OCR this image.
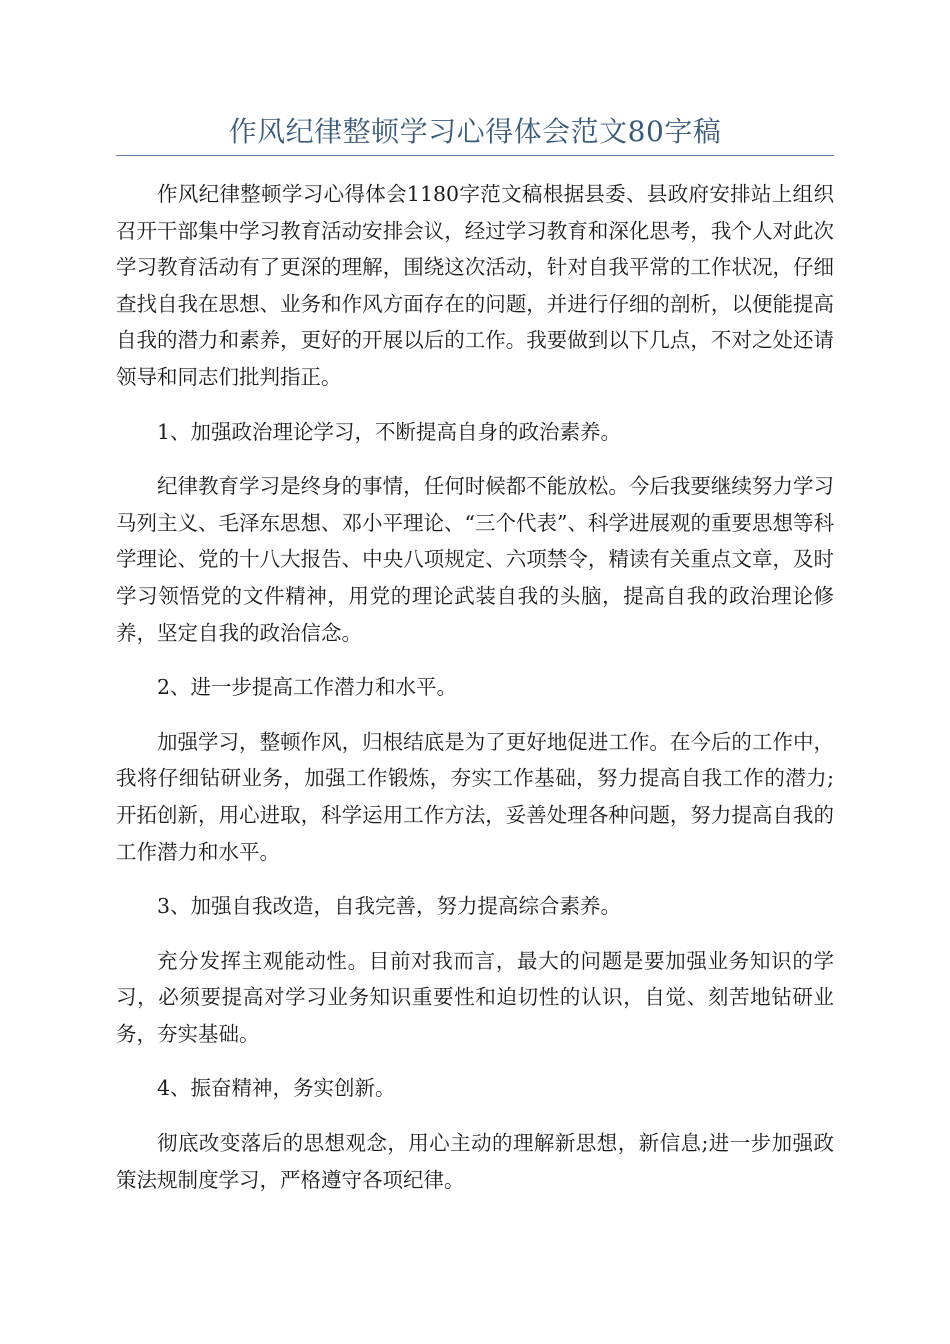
作风纪律整顿学习心得体会范文80字稿

作风纪律整顿学习心得体会1180字范文稿根据县委、县政府安排站上组织召开干部集中学习教育活动安排会议，经过学习教育和深化思考，我个人对此次学习教育活动有了更深的理解，围绕这次活动，针对自我平常的工作状况，仔细查找自我在思想、业务和作风方面存在的问题，并进行仔细的剖析，以便能提高自我的潜力和素养，更好的开展以后的工作。我要做到以下几点，不对之处还请领导和同志们批判指正。

1、加强政治理论学习，不断提高自身的政治素养。

纪律教育学习是终身的事情，任何时候都不能放松。今后我要继续努力学习马列主义、毛泽东思想、邓小平理论、“三个代表”、科学进展观的重要思想等科学理论、党的十八大报告、中央八项规定、六项禁令，精读有关重点文章，及时学习领悟党的文件精神，用党的理论武装自我的头脑，提高自我的政治理论修养，坚定自我的政治信念。

2、进一步提高工作潜力和水平。

加强学习，整顿作风，归根结底是为了更好地促进工作。在今后的工作中，我将仔细钻研业务，加强工作锻炼，夯实工作基础，努力提高自我工作的潜力;开拓创新，用心进取，科学运用工作方法，妥善处理各种问题，努力提高自我的工作潜力和水平。

3、加强自我改造，自我完善，努力提高综合素养。

充分发挥主观能动性。目前对我而言，最大的问题是要加强业务知识的学习，必须要提高对学习业务知识重要性和迫切性的认识，自觉、刻苦地钻研业务，夯实基础。

4、振奋精神，务实创新。

彻底改变落后的思想观念，用心主动的理解新思想，新信息;进一步加强政策法规制度学习，严格遵守各项纪律。
